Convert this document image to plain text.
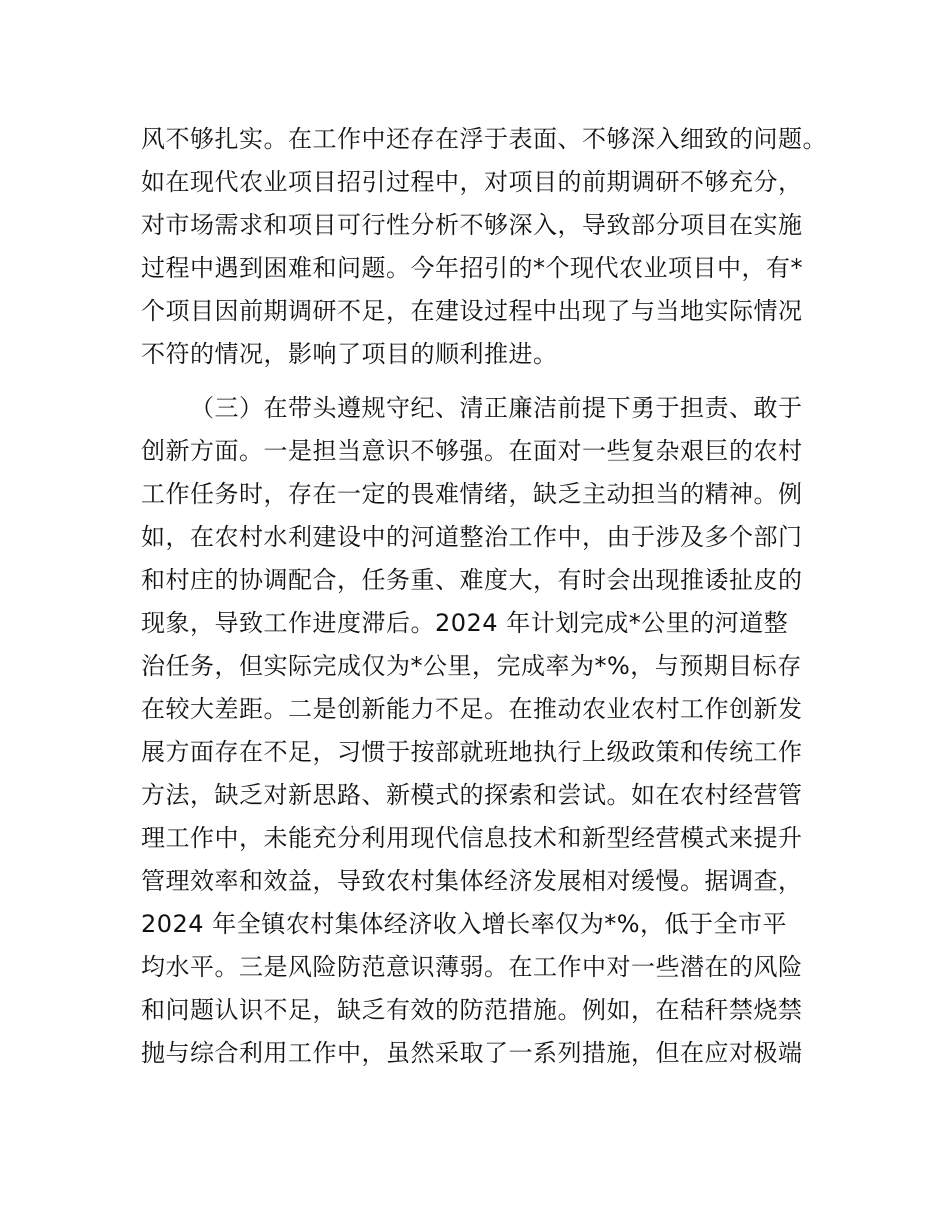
风不够扎实。在工作中还存在浮于表面、不够深入细致的问题。
如在现代农业项目招引过程中，对项目的前期调研不够充分，
对市场需求和项目可行性分析不够深入，导致部分项目在实施
过程中遇到困难和问题。今年招引的*个现代农业项目中，有*
个项目因前期调研不足，在建设过程中出现了与当地实际情况
不符的情况，影响了项目的顺利推进。
（三）在带头遵规守纪、清正廉洁前提下勇于担责、敢于
创新方面。一是担当意识不够强。在面对一些复杂艰巨的农村
工作任务时，存在一定的畏难情绪，缺乏主动担当的精神。例
如，在农村水利建设中的河道整治工作中，由于涉及多个部门
和村庄的协调配合，任务重、难度大，有时会出现推诿扯皮的
现象，导致工作进度滞后。2024 年计划完成*公里的河道整
治任务，但实际完成仅为*公里，完成率为*%，与预期目标存
在较大差距。二是创新能力不足。在推动农业农村工作创新发
展方面存在不足，习惯于按部就班地执行上级政策和传统工作
方法，缺乏对新思路、新模式的探索和尝试。如在农村经营管
理工作中，未能充分利用现代信息技术和新型经营模式来提升
管理效率和效益，导致农村集体经济发展相对缓慢。据调查，
2024 年全镇农村集体经济收入增长率仅为*%，低于全市平
均水平。三是风险防范意识薄弱。在工作中对一些潜在的风险
和问题认识不足，缺乏有效的防范措施。例如，在秸秆禁烧禁
抛与综合利用工作中，虽然采取了一系列措施，但在应对极端
